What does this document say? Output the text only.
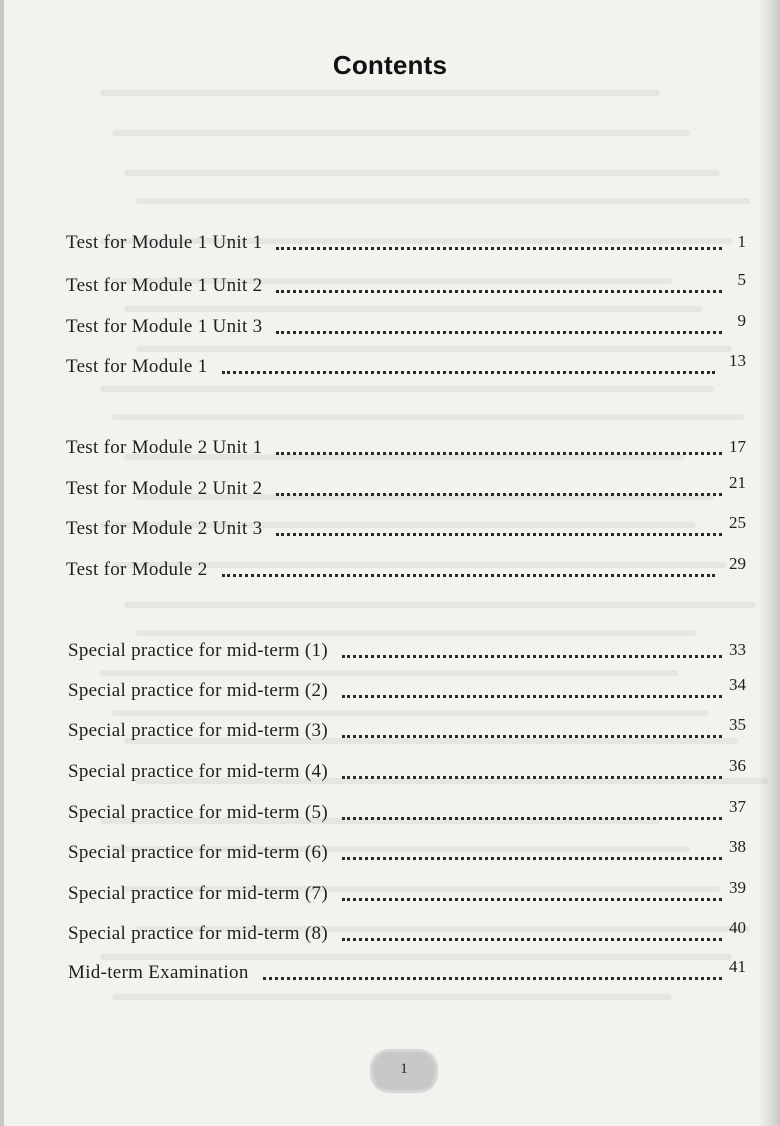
Contents
Test for Module 1 Unit 1	1
Test for Module 1 Unit 2	5
Test for Module 1 Unit 3	9
Test for Module 1	13
Test for Module 2 Unit 1	17
Test for Module 2 Unit 2	21
Test for Module 2 Unit 3	25
Test for Module 2	29
Special practice for mid-term (1)	33
Special practice for mid-term (2)	34
Special practice for mid-term (3)	35
Special practice for mid-term (4)	36
Special practice for mid-term (5)	37
Special practice for mid-term (6)	38
Special practice for mid-term (7)	39
Special practice for mid-term (8)	40
Mid-term Examination	41
1
